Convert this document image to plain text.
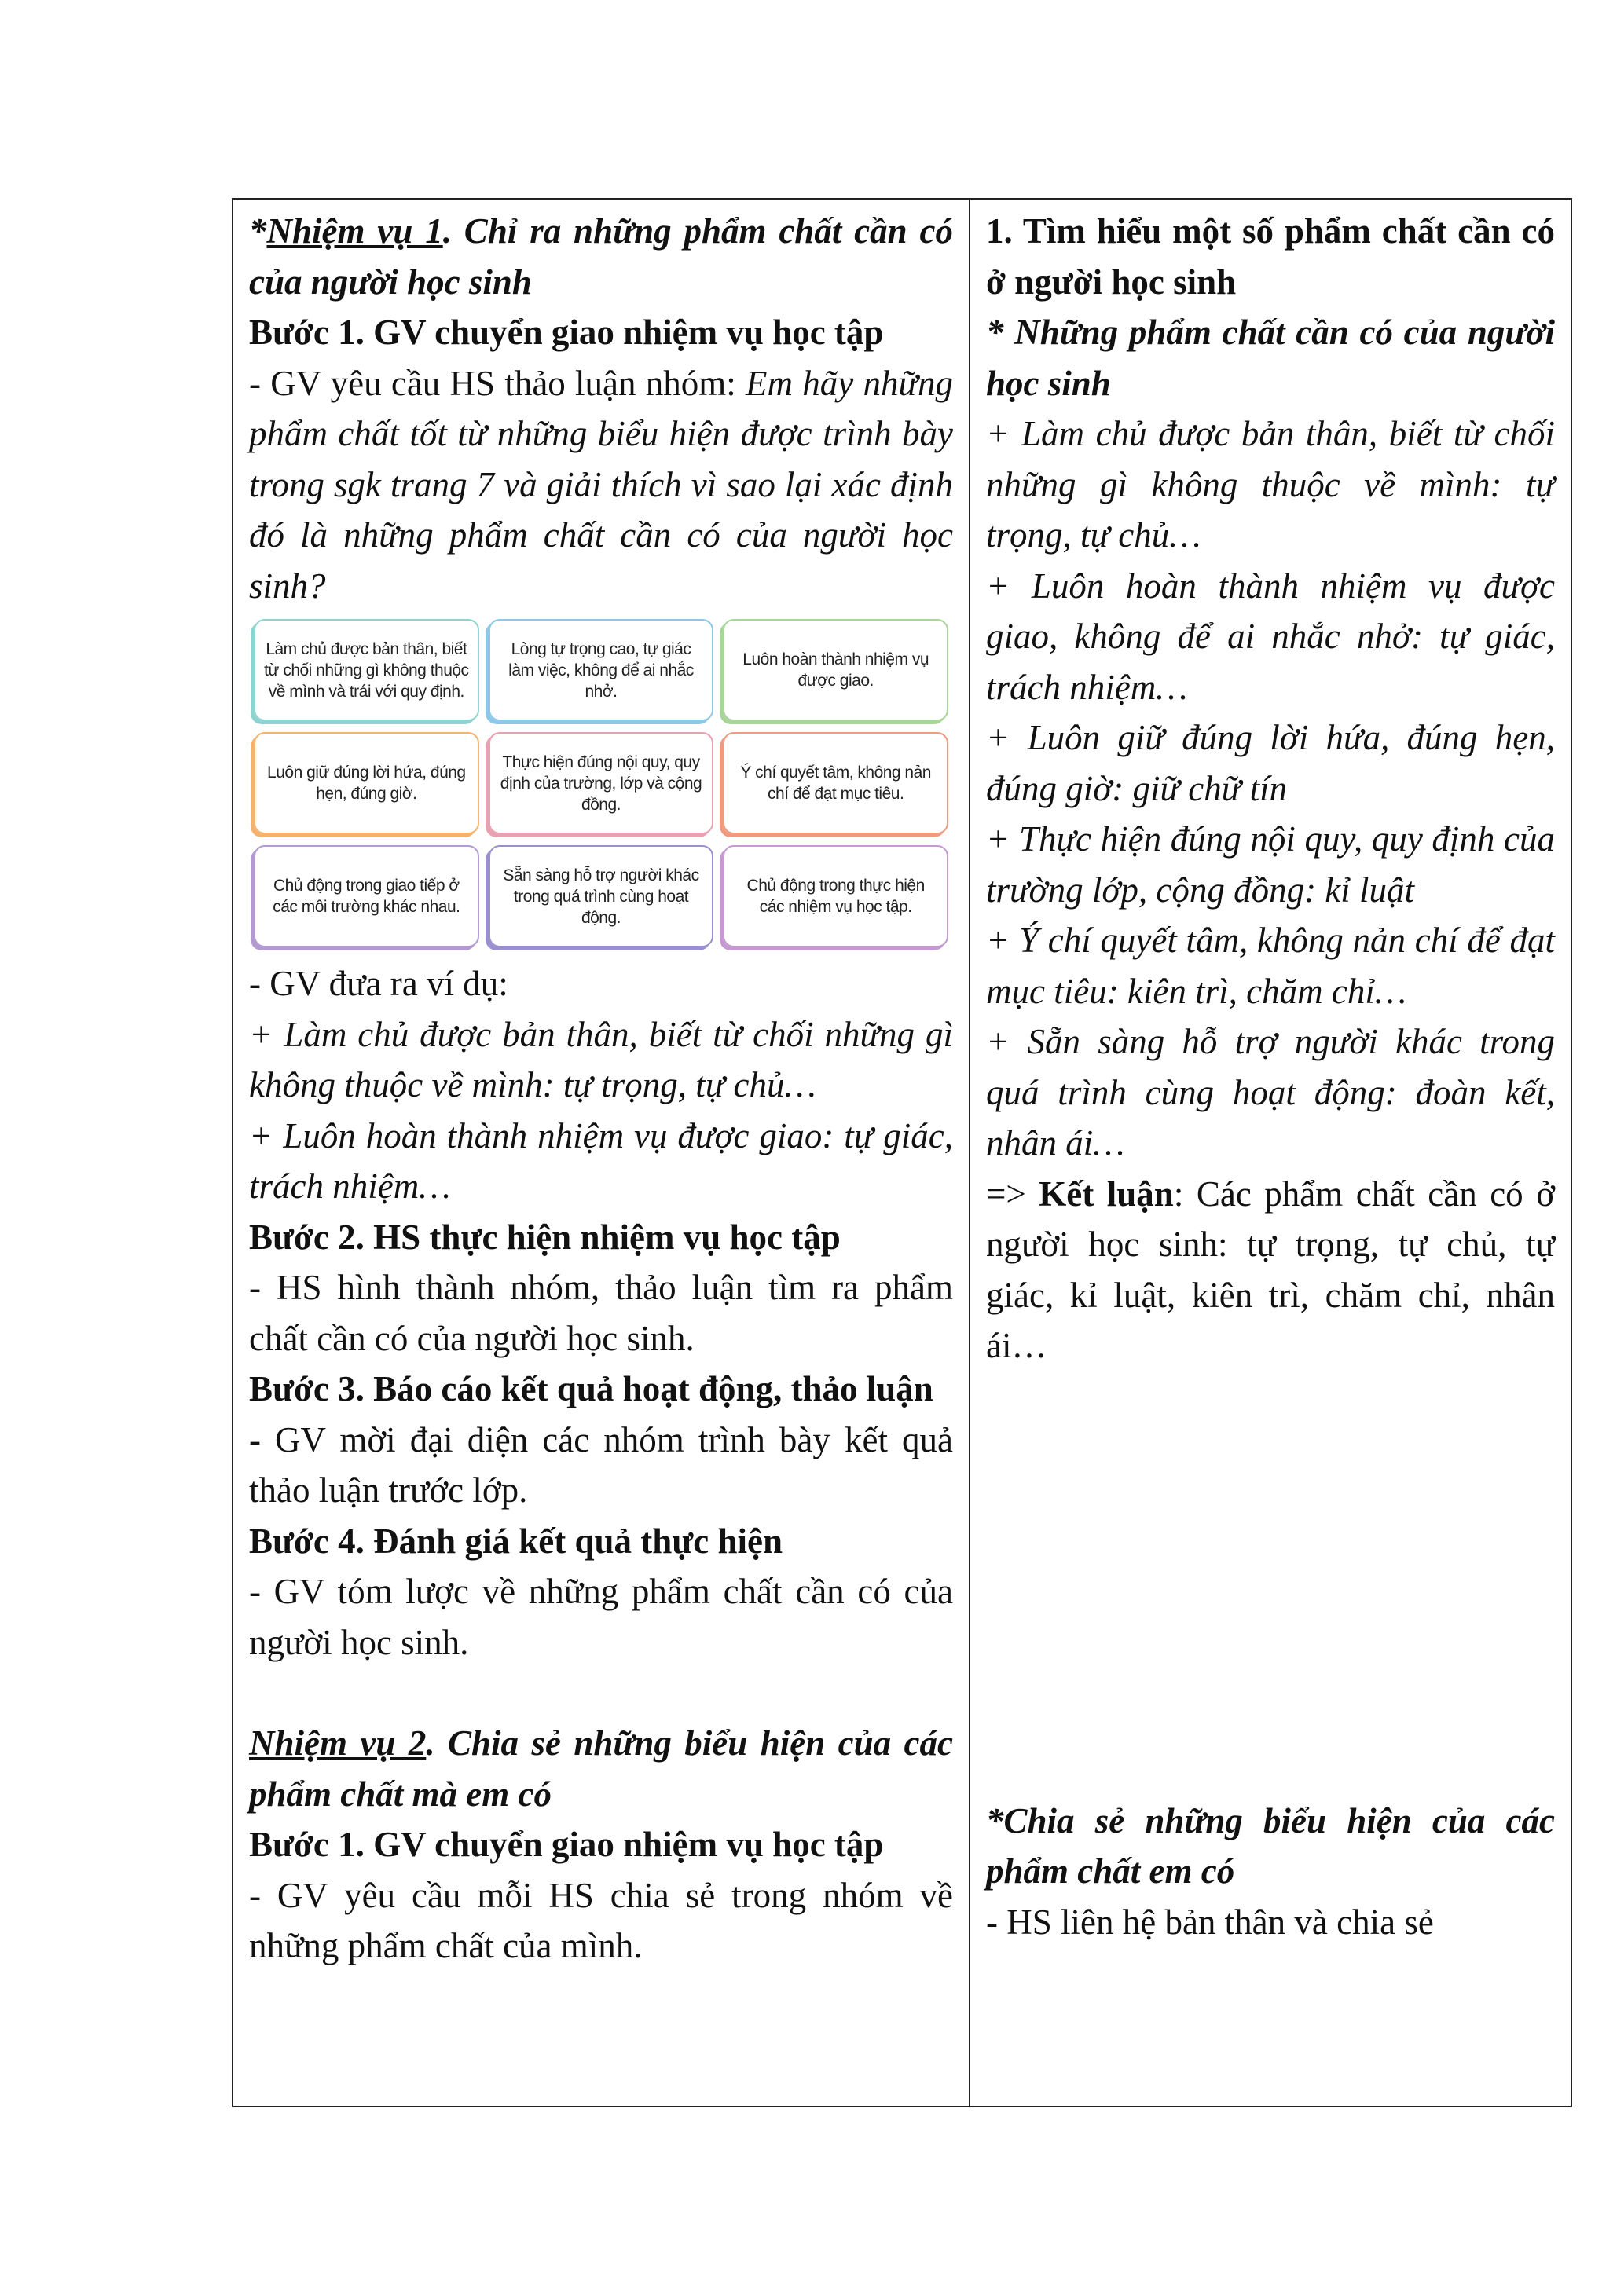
*Nhiệm vụ 1. Chỉ ra những phẩm chất cần có của người học sinh

Bước 1. GV chuyển giao nhiệm vụ học tập

- GV yêu cầu HS thảo luận nhóm: Em hãy những phẩm chất tốt từ những biểu hiện được trình bày trong sgk trang 7 và giải thích vì sao lại xác định đó là những phẩm chất cần có của người học sinh?

Làm chủ được bản thân, biết từ chối những gì không thuộc về mình và trái với quy định.
Lòng tự trọng cao, tự giác làm việc, không để ai nhắc nhở.
Luôn hoàn thành nhiệm vụ được giao.
Luôn giữ đúng lời hứa, đúng hẹn, đúng giờ.
Thực hiện đúng nội quy, quy định của trường, lớp và cộng đồng.
Ý chí quyết tâm, không nản chí để đạt mục tiêu.
Chủ động trong giao tiếp ở các môi trường khác nhau.
Sẵn sàng hỗ trợ người khác trong quá trình cùng hoạt động.
Chủ động trong thực hiện các nhiệm vụ học tập.

- GV đưa ra ví dụ:

+ Làm chủ được bản thân, biết từ chối những gì không thuộc về mình: tự trọng, tự chủ…

+ Luôn hoàn thành nhiệm vụ được giao: tự giác, trách nhiệm…

Bước 2. HS thực hiện nhiệm vụ học tập

- HS hình thành nhóm, thảo luận tìm ra phẩm chất cần có của người học sinh.

Bước 3. Báo cáo kết quả hoạt động, thảo luận

- GV mời đại diện các nhóm trình bày kết quả thảo luận trước lớp.

Bước 4. Đánh giá kết quả thực hiện

- GV tóm lược về những phẩm chất cần có của người học sinh.

Nhiệm vụ 2. Chia sẻ những biểu hiện của các phẩm chất mà em có

Bước 1. GV chuyển giao nhiệm vụ học tập

- GV yêu cầu mỗi HS chia sẻ trong nhóm về những phẩm chất của mình.

1. Tìm hiểu một số phẩm chất cần có ở người học sinh

* Những phẩm chất cần có của người học sinh

+ Làm chủ được bản thân, biết từ chối những gì không thuộc về mình: tự trọng, tự chủ…

+ Luôn hoàn thành nhiệm vụ được giao, không để ai nhắc nhở: tự giác, trách nhiệm…

+ Luôn giữ đúng lời hứa, đúng hẹn, đúng giờ: giữ chữ tín

+ Thực hiện đúng nội quy, quy định của trường lớp, cộng đồng: kỉ luật

+ Ý chí quyết tâm, không nản chí để đạt mục tiêu: kiên trì, chăm chỉ…

+ Sẵn sàng hỗ trợ người khác trong quá trình cùng hoạt động: đoàn kết, nhân ái…

=> Kết luận: Các phẩm chất cần có ở người học sinh: tự trọng, tự chủ, tự giác, kỉ luật, kiên trì, chăm chỉ, nhân ái…

*Chia sẻ những biểu hiện của các phẩm chất em có

- HS liên hệ bản thân và chia sẻ
